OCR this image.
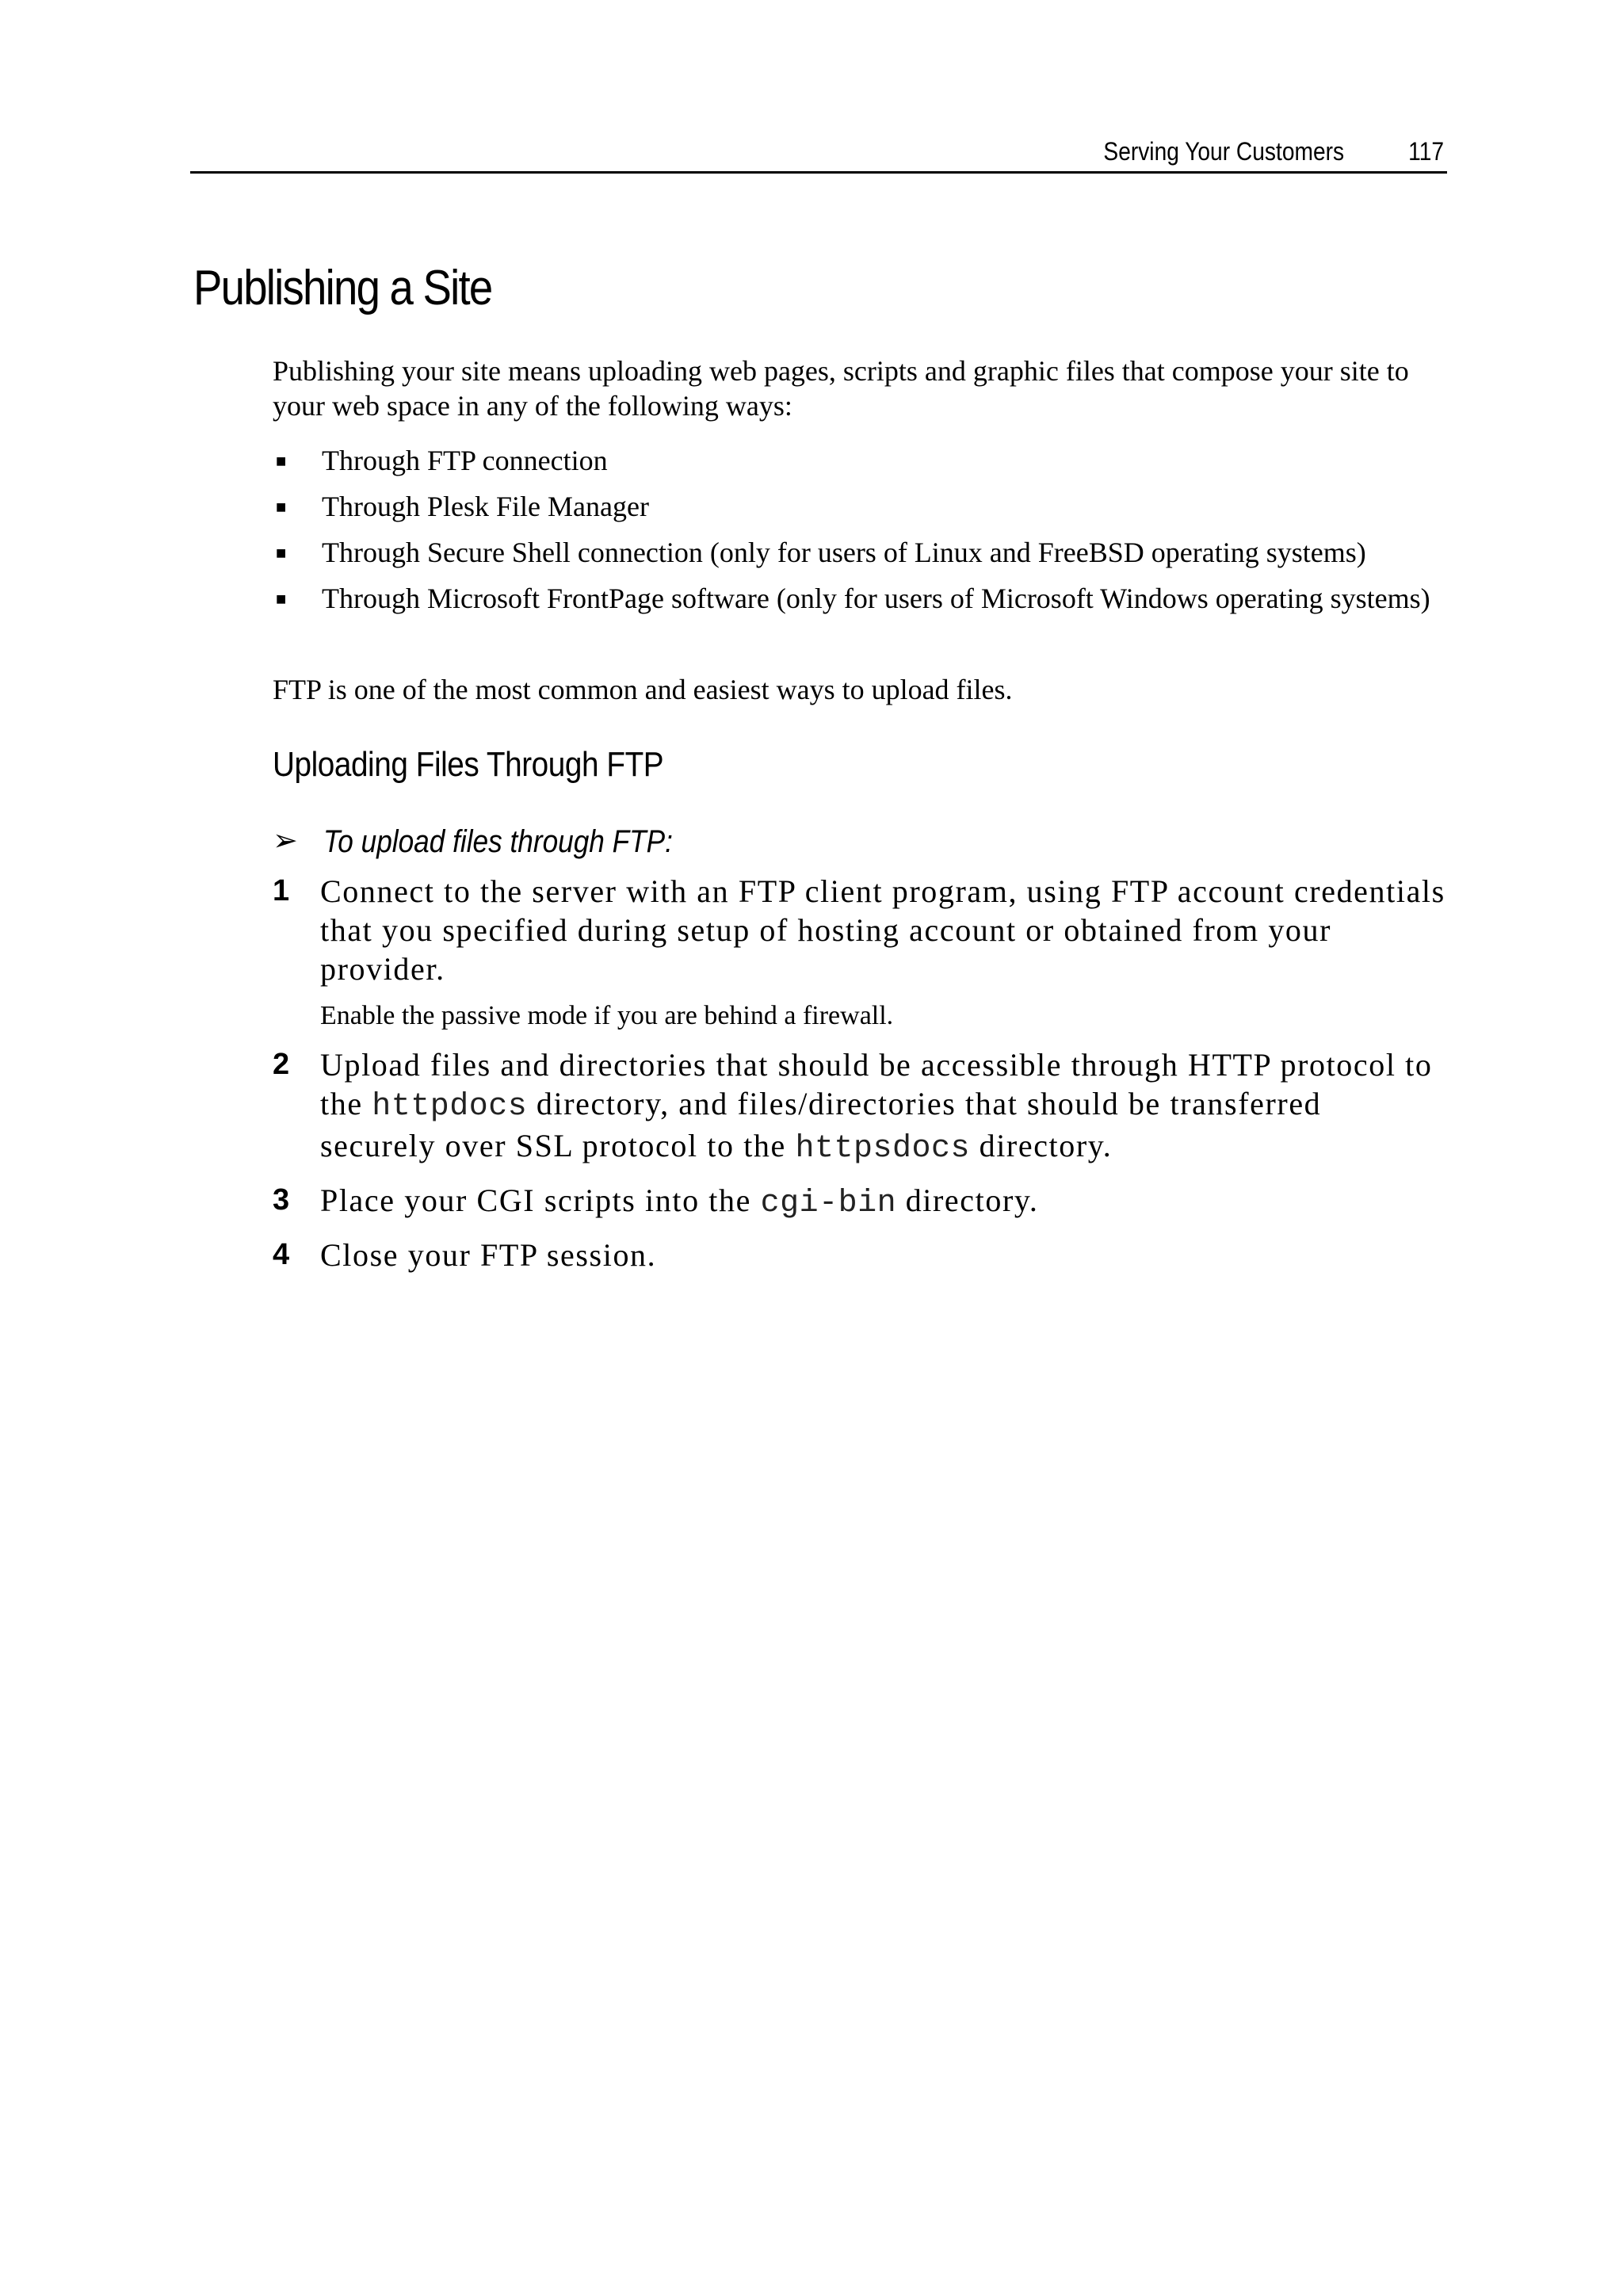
Serving Your Customers	117
Publishing a Site

Publishing your site means uploading web pages, scripts and graphic files that compose your site to your web space in any of the following ways:

■ Through FTP connection
■ Through Plesk File Manager
■ Through Secure Shell connection (only for users of Linux and FreeBSD operating systems)
■ Through Microsoft FrontPage software (only for users of Microsoft Windows operating systems)

FTP is one of the most common and easiest ways to upload files.

Uploading Files Through FTP
➢ To upload files through FTP:
1 Connect to the server with an FTP client program, using FTP account credentials that you specified during setup of hosting account or obtained from your provider.
Enable the passive mode if you are behind a firewall.
2 Upload files and directories that should be accessible through HTTP protocol to the httpdocs directory, and files/directories that should be transferred securely over SSL protocol to the httpsdocs directory.
3 Place your CGI scripts into the cgi-bin directory.
4 Close your FTP session.
